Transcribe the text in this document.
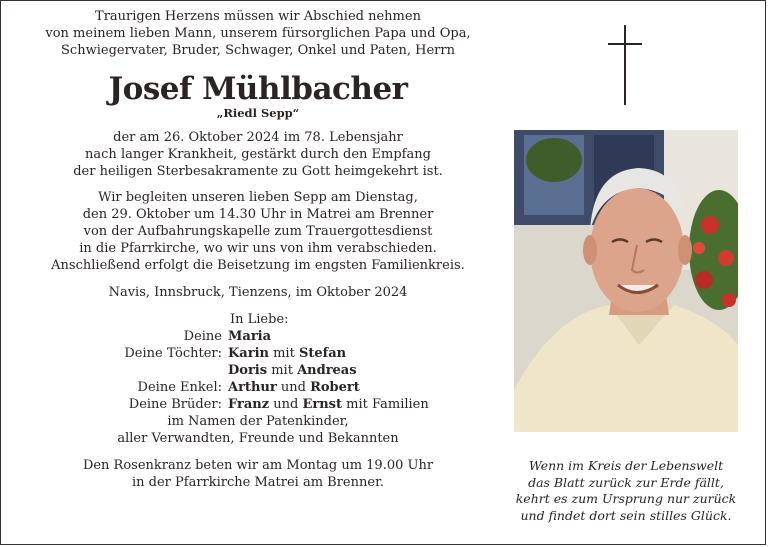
Traurigen Herzens müssen wir Abschied nehmen
von meinem lieben Mann, unserem fürsorglichen Papa und Opa,
Schwiegervater, Bruder, Schwager, Onkel und Paten, Herrn
Josef Mühlbacher
„Riedl Sepp“
der am 26. Oktober 2024 im 78. Lebensjahr
nach langer Krankheit, gestärkt durch den Empfang
der heiligen Sterbesakramente zu Gott heimgekehrt ist.
Wir begleiten unseren lieben Sepp am Dienstag,
den 29. Oktober um 14.30 Uhr in Matrei am Brenner
von der Aufbahrungskapelle zum Trauergottesdienst
in die Pfarrkirche, wo wir uns von ihm verabschieden.
Anschließend erfolgt die Beisetzung im engsten Familienkreis.
Navis, Innsbruck, Tienzens, im Oktober 2024
In Liebe:
Deine Maria
Deine Töchter: Karin mit Stefan
Doris mit Andreas
Deine Enkel: Arthur und Robert
Deine Brüder: Franz und Ernst mit Familien
im Namen der Patenkinder,
aller Verwandten, Freunde und Bekannten
Den Rosenkranz beten wir am Montag um 19.00 Uhr
in der Pfarrkirche Matrei am Brenner.
Wenn im Kreis der Lebenswelt
das Blatt zurück zur Erde fällt,
kehrt es zum Ursprung nur zurück
und findet dort sein stilles Glück.
